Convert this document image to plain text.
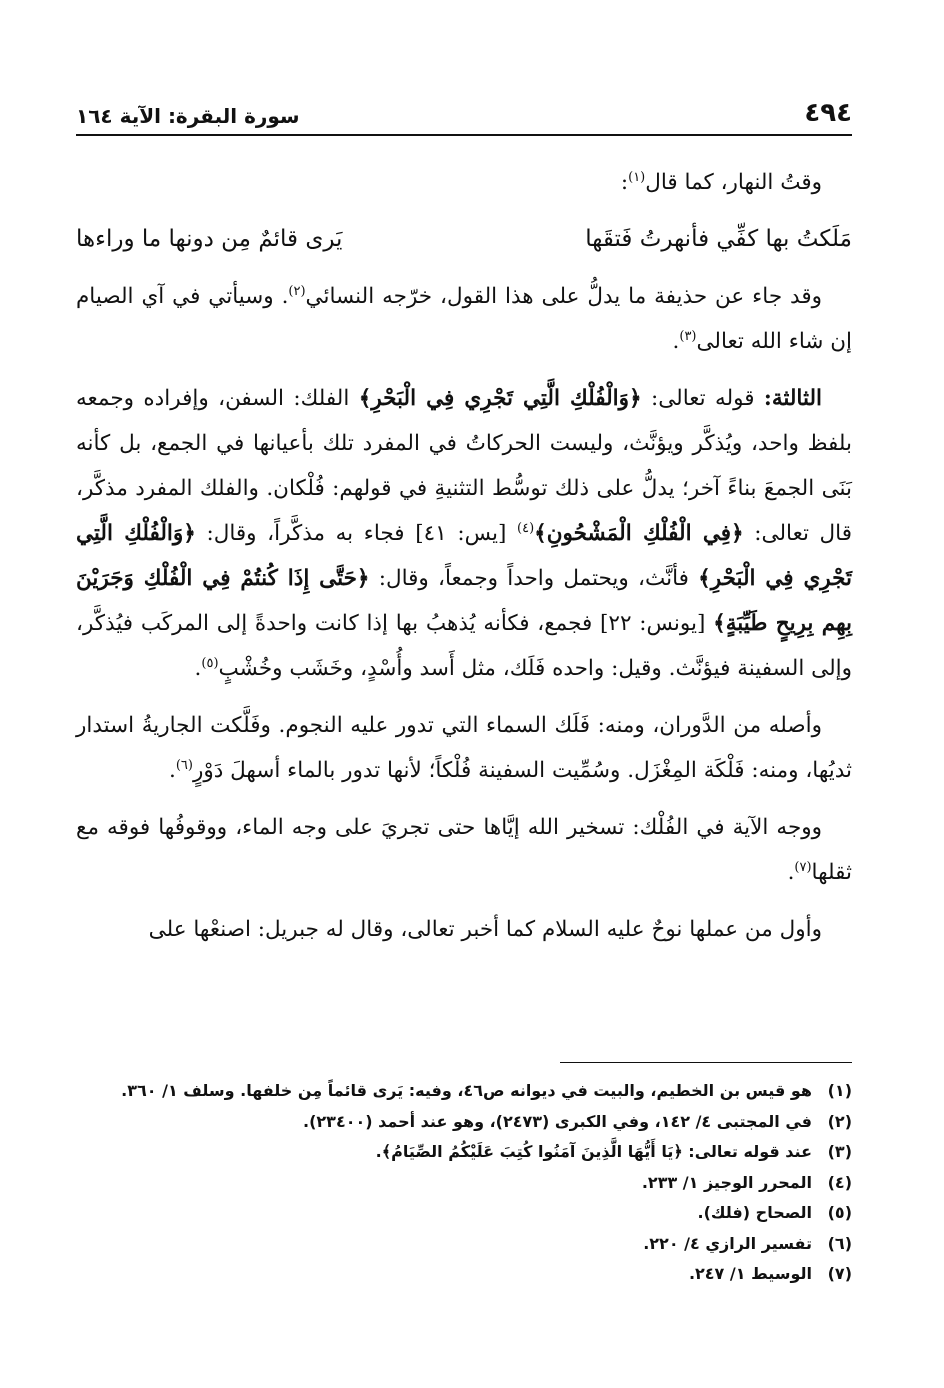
٤٩٤
سورة البقرة: الآية ١٦٤

وقتُ النهار، كما قال$^{(١)}$:

مَلَكتُ بها كفِّي فأنهرتُ فَتقَها
يَرى قائمٌ مِن دونها ما وراءها

وقد جاء عن حذيفة ما يدلُّ على هذا القول، خرّجه النسائي$^{(٢)}$. وسيأتي في آي الصيام إن شاء الله تعالى$^{(٣)}$.

الثالثة: قوله تعالى: ﴿وَالْفُلْكِ الَّتِي تَجْرِي فِي الْبَحْرِ﴾ الفلك: السفن، وإفراده وجمعه بلفظ واحد، ويُذكَّر ويؤنَّث، وليست الحركاتُ في المفرد تلك بأعيانها في الجمع، بل كأنه بَنَى الجمعَ بناءً آخر؛ يدلُّ على ذلك توسُّط التثنيةِ في قولهم: فُلْكان. والفلك المفرد مذكَّر، قال تعالى: ﴿فِي الْفُلْكِ الْمَشْحُونِ﴾$^{(٤)}$ [يس: ٤١] فجاء به مذكَّراً، وقال: ﴿وَالْفُلْكِ الَّتِي تَجْرِي فِي الْبَحْرِ﴾ فأنَّث، ويحتمل واحداً وجمعاً، وقال: ﴿حَتَّى إِذَا كُنتُمْ فِي الْفُلْكِ وَجَرَيْنَ بِهِم بِرِيحٍ طَيِّبَةٍ﴾ [يونس: ٢٢] فجمع، فكأنه يُذهبُ بها إذا كانت واحدةً إلى المركَب فيُذكَّر، وإلى السفينة فيؤنَّث. وقيل: واحده فَلَك، مثل أَسد وأُسْدٍ، وخَشَب وخُشْبٍ$^{(٥)}$.

وأصله من الدَّوران، ومنه: فَلَك السماء التي تدور عليه النجوم. وفَلَّكت الجاريةُ استدار ثديُها، ومنه: فَلْكَة المِغْزَل. وسُمِّيت السفينة فُلْكاً؛ لأنها تدور بالماء أسهلَ دَوْرٍ$^{(٦)}$.

ووجه الآية في الفُلْك: تسخير الله إيَّاها حتى تجريَ على وجه الماء، ووقوفُها فوقه مع ثقلها$^{(٧)}$.

وأول من عملها نوحٌ عليه السلام كما أخبر تعالى، وقال له جبريل: اصنعْها على

(١)
هو قيس بن الخطيم، والبيت في ديوانه ص٤٦، وفيه: يَرى قائماً مِن خلفها. وسلف ١/ ٣٦٠.
(٢)
في المجتبى ٤/ ١٤٢، وفي الكبرى (٢٤٧٣)، وهو عند أحمد (٢٣٤٠٠).
(٣)
عند قوله تعالى: ﴿يَا أَيُّهَا الَّذِينَ آمَنُوا كُتِبَ عَلَيْكُمُ الصِّيَامُ﴾.
(٤)
المحرر الوجيز ١/ ٢٣٣.
(٥)
الصحاح (فلك).
(٦)
تفسير الرازي ٤/ ٢٢٠.
(٧)
الوسيط ١/ ٢٤٧.
